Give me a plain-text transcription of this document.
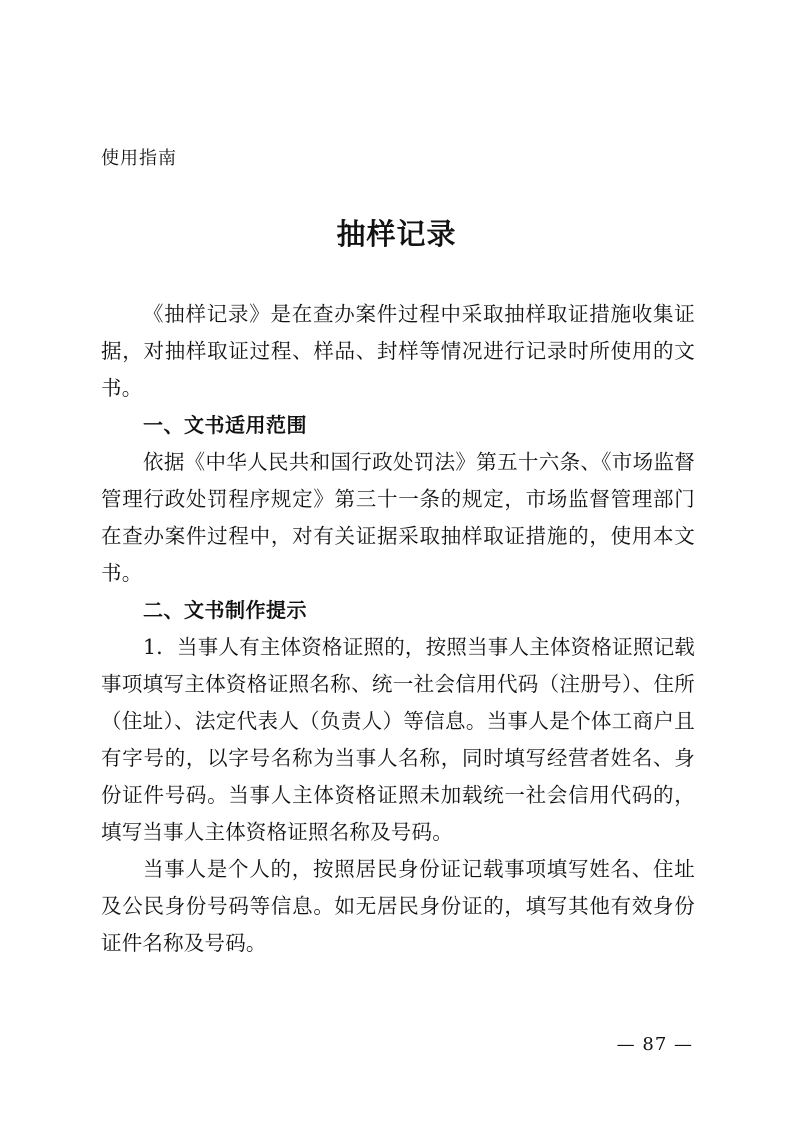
使用指南
抽样记录

《抽样记录》是在查办案件过程中采取抽样取证措施收集证据，对抽样取证过程、样品、封样等情况进行记录时所使用的文书。

一、文书适用范围

依据《中华人民共和国行政处罚法》第五十六条、《市场监督管理行政处罚程序规定》第三十一条的规定，市场监督管理部门在查办案件过程中，对有关证据采取抽样取证措施的，使用本文书。

二、文书制作提示

1．当事人有主体资格证照的，按照当事人主体资格证照记载事项填写主体资格证照名称、统一社会信用代码（注册号）、住所（住址）、法定代表人（负责人）等信息。当事人是个体工商户且有字号的，以字号名称为当事人名称，同时填写经营者姓名、身份证件号码。当事人主体资格证照未加载统一社会信用代码的，填写当事人主体资格证照名称及号码。

当事人是个人的，按照居民身份证记载事项填写姓名、住址及公民身份号码等信息。如无居民身份证的，填写其他有效身份证件名称及号码。

— 87 —
